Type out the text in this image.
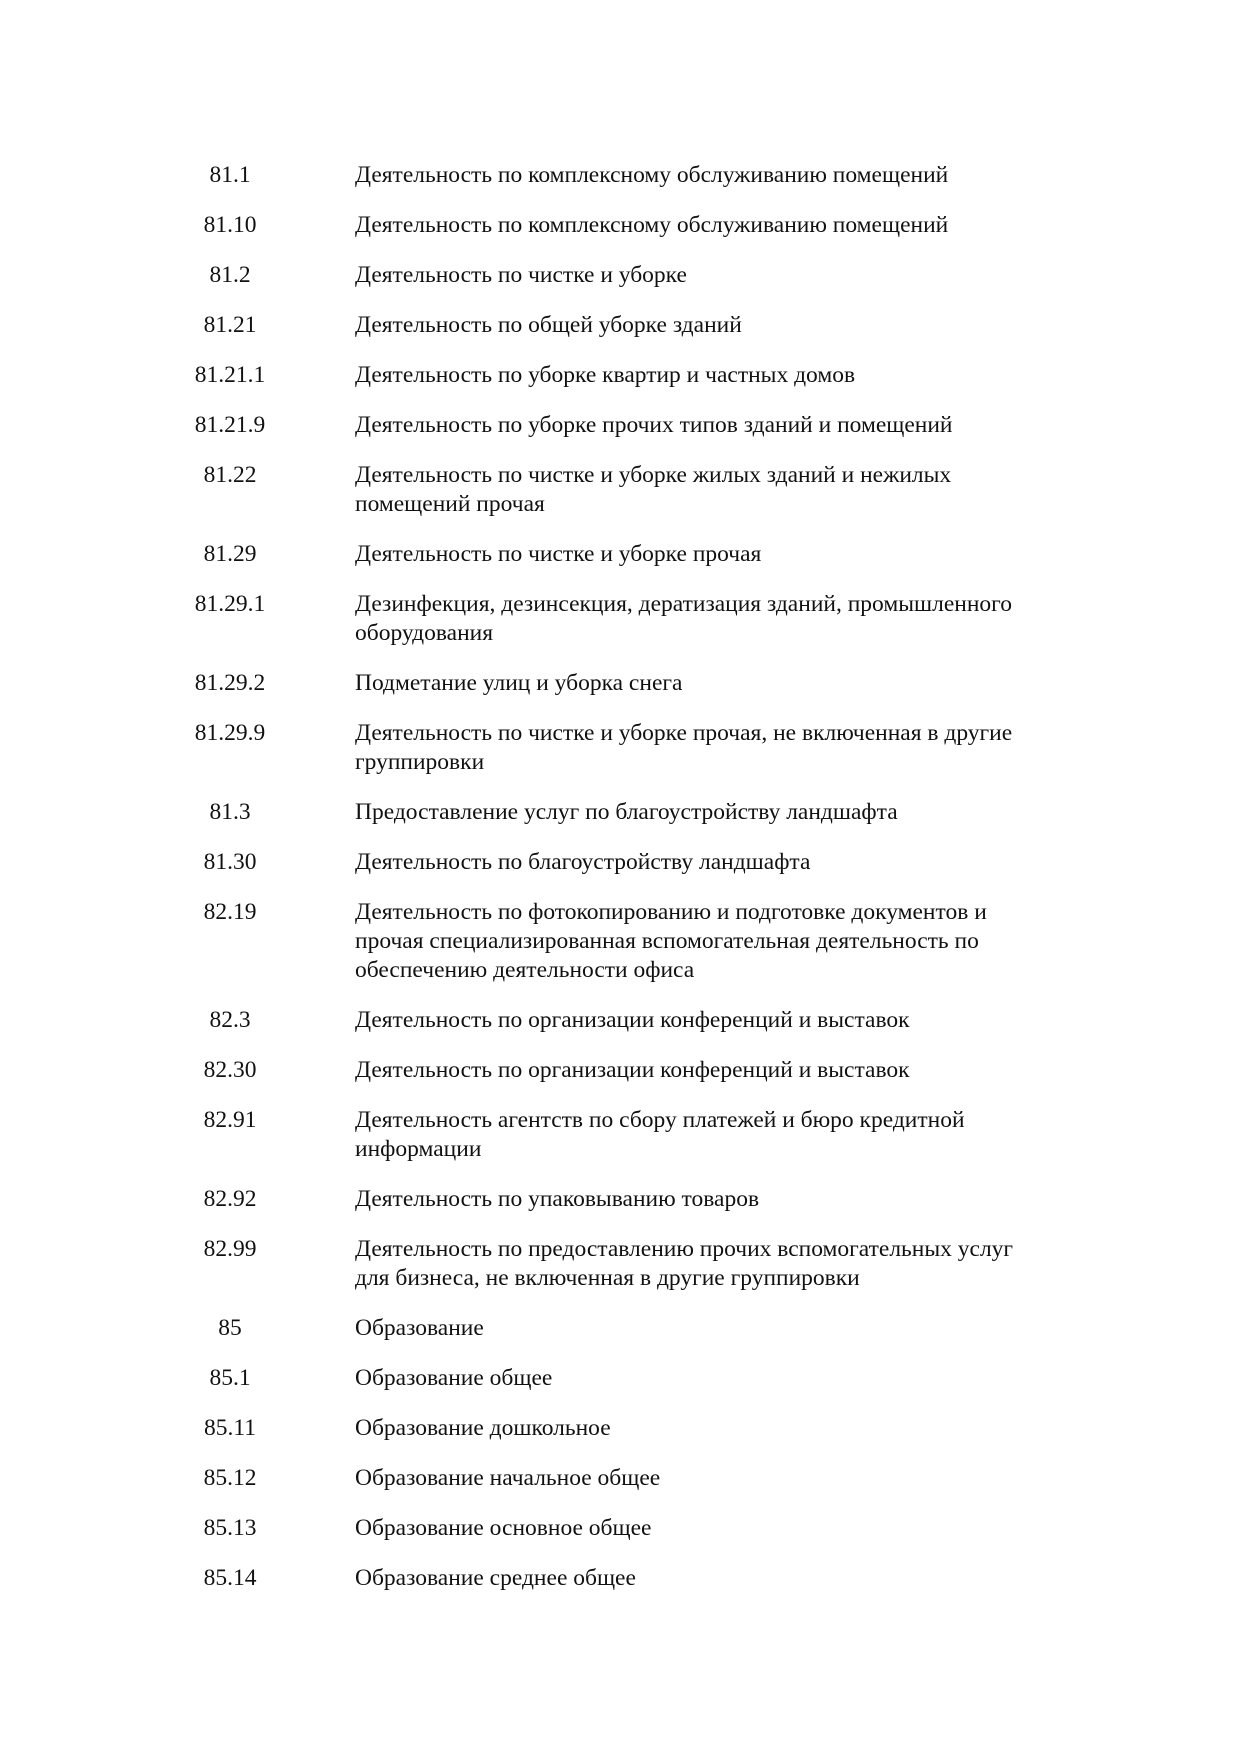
81.1	Деятельность по комплексному обслуживанию помещений
81.10	Деятельность по комплексному обслуживанию помещений
81.2	Деятельность по чистке и уборке
81.21	Деятельность по общей уборке зданий
81.21.1	Деятельность по уборке квартир и частных домов
81.21.9	Деятельность по уборке прочих типов зданий и помещений
81.22	Деятельность по чистке и уборке жилых зданий и нежилых помещений прочая
81.29	Деятельность по чистке и уборке прочая
81.29.1	Дезинфекция, дезинсекция, дератизация зданий, промышленного оборудования
81.29.2	Подметание улиц и уборка снега
81.29.9	Деятельность по чистке и уборке прочая, не включенная в другие группировки
81.3	Предоставление услуг по благоустройству ландшафта
81.30	Деятельность по благоустройству ландшафта
82.19	Деятельность по фотокопированию и подготовке документов и прочая специализированная вспомогательная деятельность по обеспечению деятельности офиса
82.3	Деятельность по организации конференций и выставок
82.30	Деятельность по организации конференций и выставок
82.91	Деятельность агентств по сбору платежей и бюро кредитной информации
82.92	Деятельность по упаковыванию товаров
82.99	Деятельность по предоставлению прочих вспомогательных услуг для бизнеса, не включенная в другие группировки
85	Образование
85.1	Образование общее
85.11	Образование дошкольное
85.12	Образование начальное общее
85.13	Образование основное общее
85.14	Образование среднее общее
